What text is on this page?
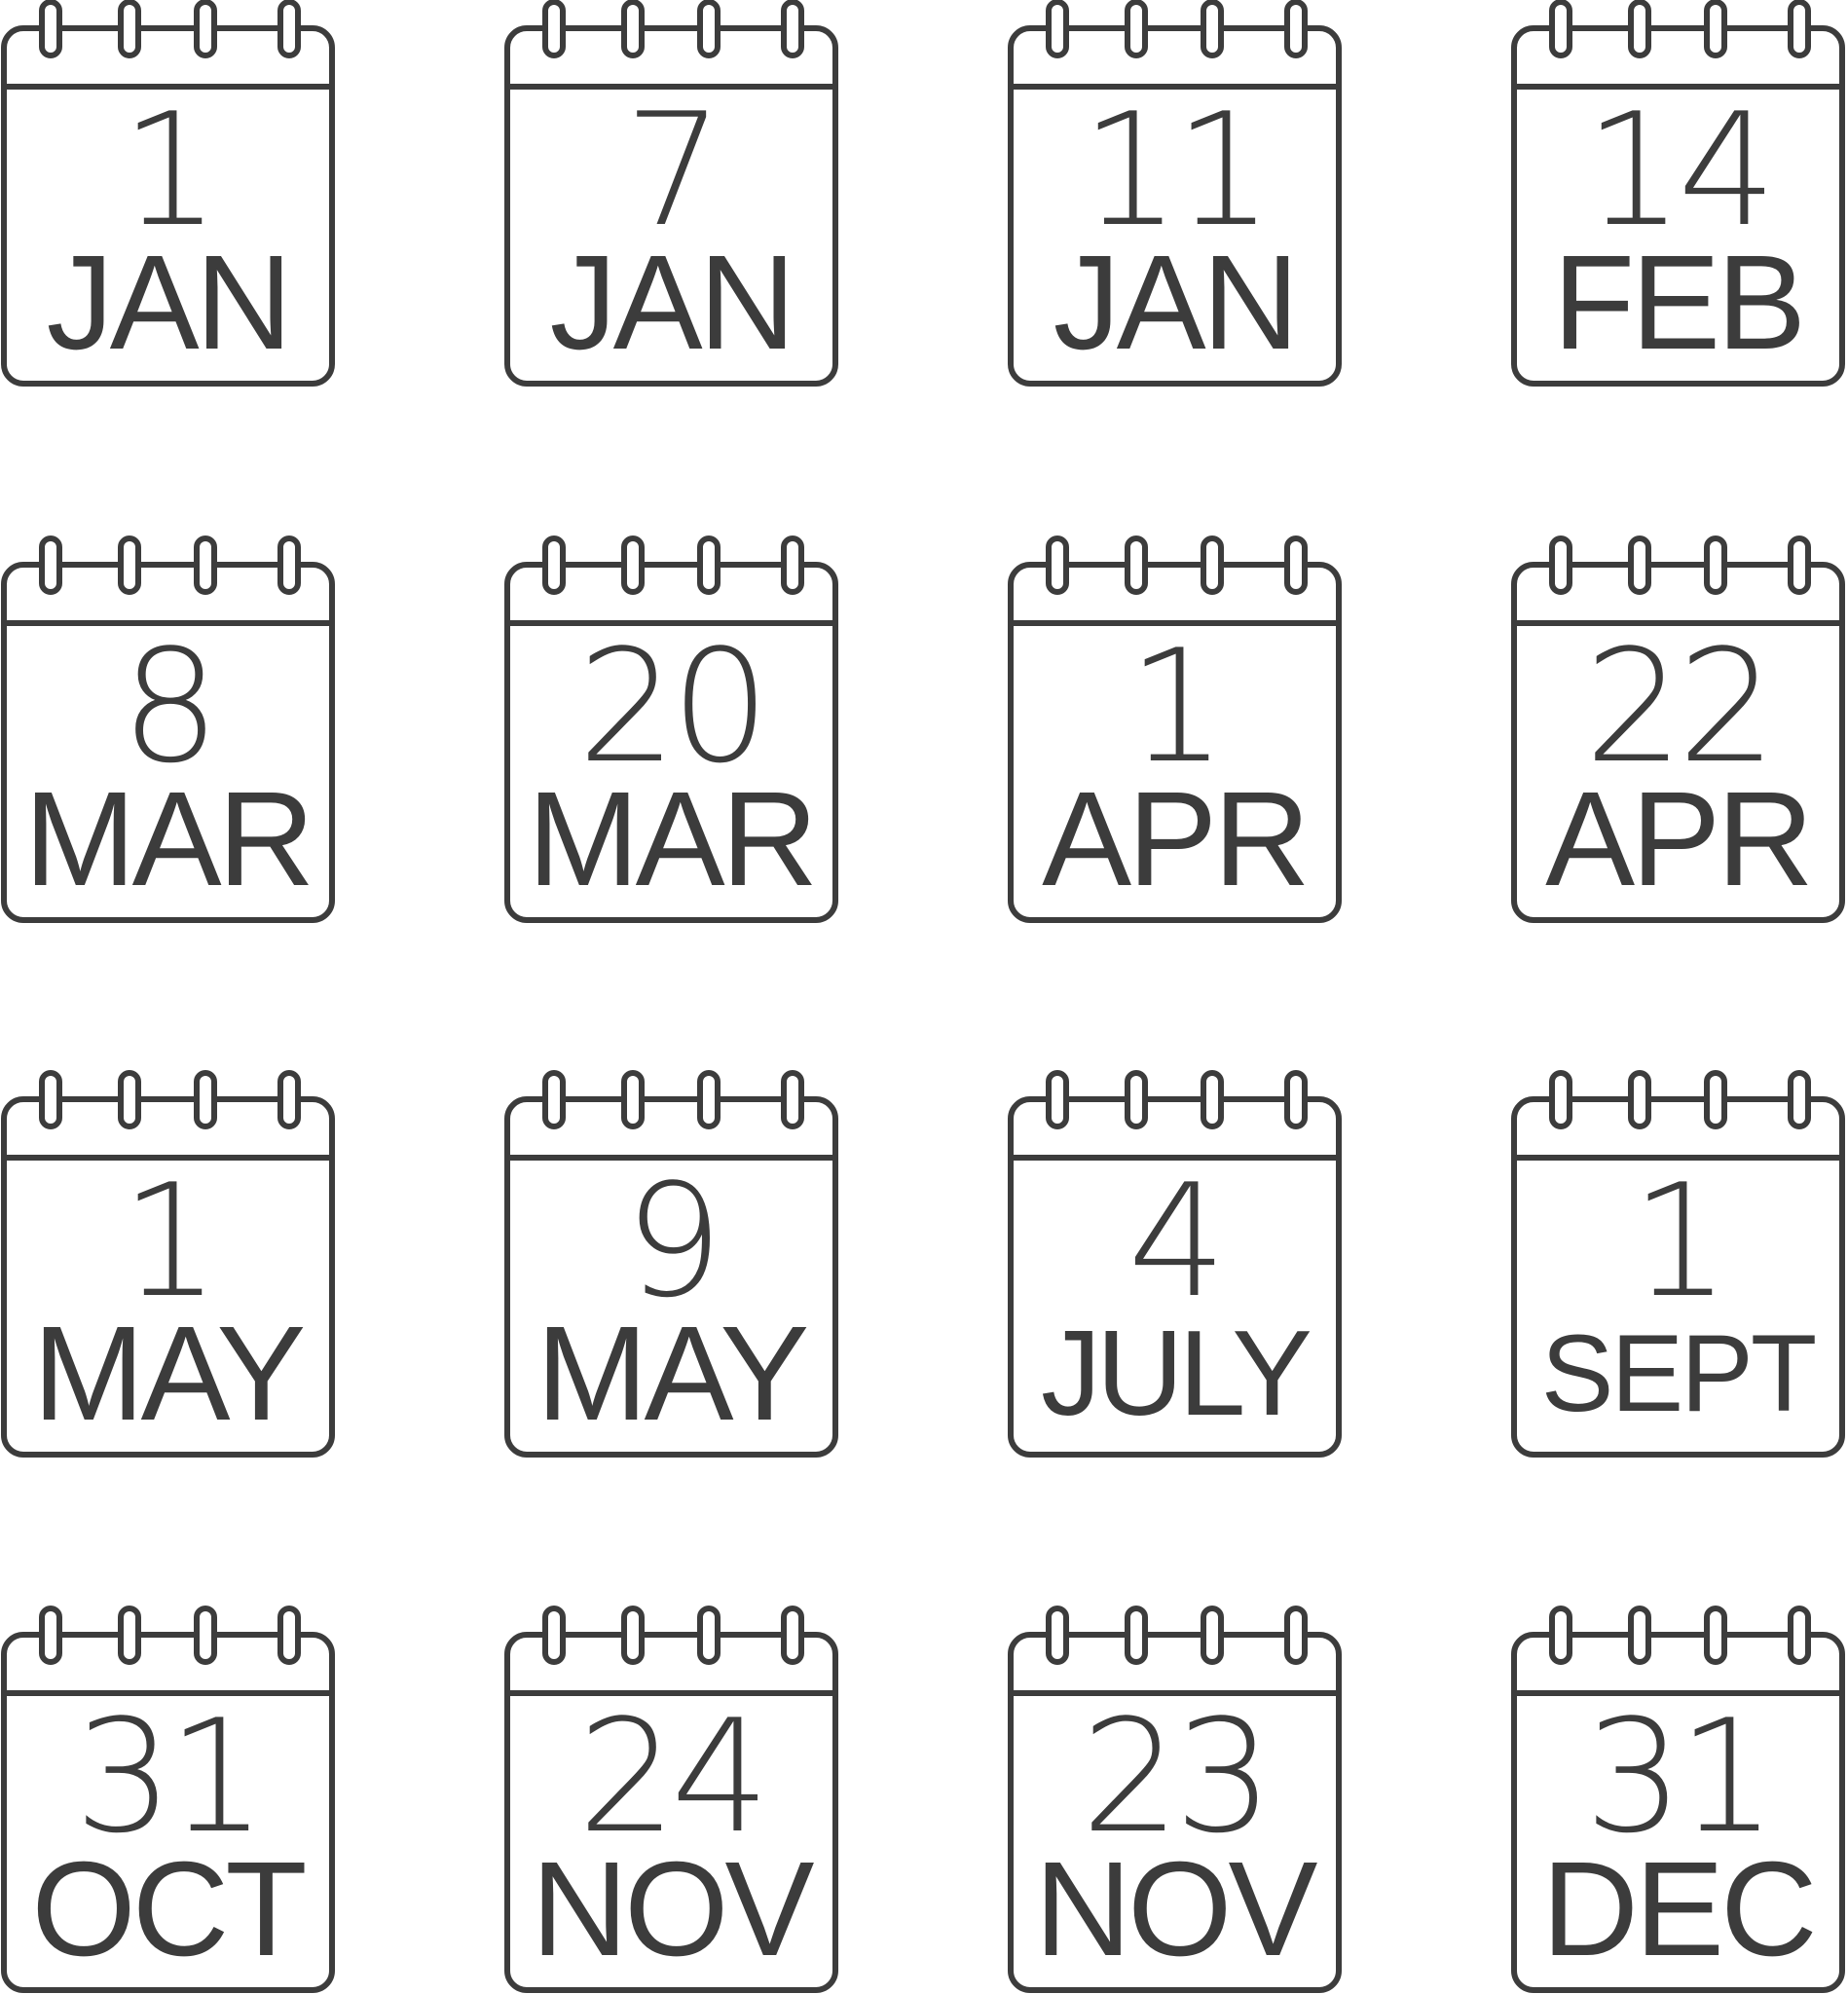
1
JAN
7
JAN
11
JAN
14
FEB
8
MAR
20
MAR
1
APR
22
APR
1
MAY
9
MAY
4
JULY
1
SEPT
31
OCT
24
NOV
23
NOV
31
DEC
